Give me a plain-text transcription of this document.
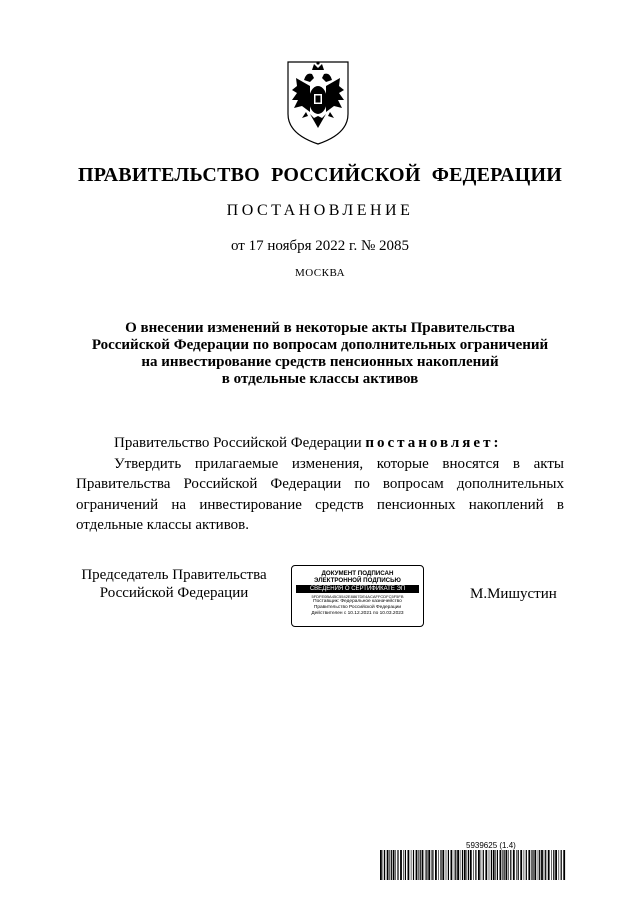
ПРАВИТЕЛЬСТВО РОССИЙСКОЙ ФЕДЕРАЦИИ
ПОСТАНОВЛЕНИЕ
от 17 ноября 2022 г. № 2085
МОСКВА
О внесении изменений в некоторые акты Правительства
Российской Федерации по вопросам дополнительных ограничений
на инвестирование средств пенсионных накоплений
в отдельные классы активов

Правительство Российской Федерации постановляет:

Утвердить прилагаемые изменения, которые вносятся в акты Правительства Российской Федерации по вопросам дополнительных ограничений на инвестирование средств пенсионных накоплений в отдельные классы активов.

Председатель Правительства
Российской Федерации
ДОКУМЕНТ ПОДПИСАН
ЭЛЕКТРОННОЙ ПОДПИСЬЮ
СВЕДЕНИЯ О СЕРТИФИКАТЕ ЭП
5FDFE0BA45C5542E8867DE4ACAFFCDFC5F5FB
Поставщик: Федеральное казначейство
Правительство Российской Федерации
Действителен с 10.12.2021 по 10.03.2023
М.Мишустин
5939625 (1.4)
